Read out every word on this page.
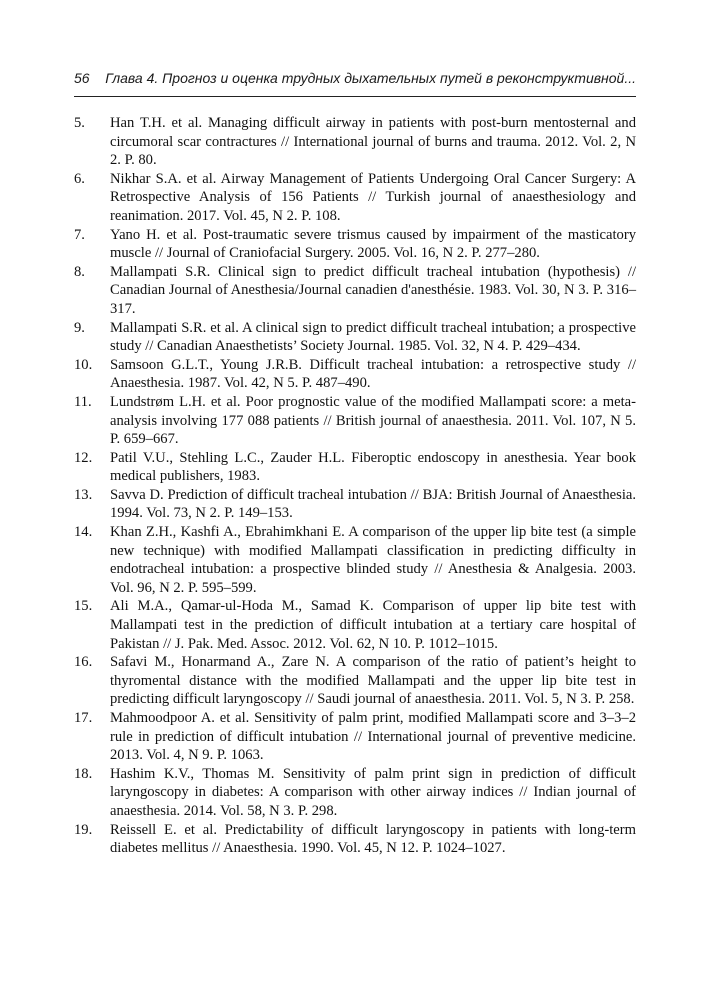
56 Глава 4. Прогноз и оценка трудных дыхательных путей в реконструктивной...
5.	Han T.H. et al. Managing difficult airway in patients with post-burn mentosternal and circumoral scar contractures // International journal of burns and trauma. 2012. Vol. 2, N 2. P. 80.
6.	Nikhar S.A. et al. Airway Management of Patients Undergoing Oral Cancer Surgery: A Retrospective Analysis of 156 Patients // Turkish journal of anaesthesiology and reanimation. 2017. Vol. 45, N 2. P. 108.
7.	Yano H. et al. Post-traumatic severe trismus caused by impairment of the masticatory muscle // Journal of Craniofacial Surgery. 2005. Vol. 16, N 2. P. 277–280.
8.	Mallampati S.R. Clinical sign to predict difficult tracheal intubation (hypothesis) // Canadian Journal of Anesthesia/Journal canadien d'anesthésie. 1983. Vol. 30, N 3. P. 316–317.
9.	Mallampati S.R. et al. A clinical sign to predict difficult tracheal intubation; a prospective study // Canadian Anaesthetists’ Society Journal. 1985. Vol. 32, N 4. P. 429–434.
10.	Samsoon G.L.T., Young J.R.B. Difficult tracheal intubation: a retrospective study // Anaesthesia. 1987. Vol. 42, N 5. P. 487–490.
11.	Lundstrøm L.H. et al. Poor prognostic value of the modified Mallampati score: a meta-analysis involving 177 088 patients // British journal of anaesthesia. 2011. Vol. 107, N 5. P. 659–667.
12.	Patil V.U., Stehling L.C., Zauder H.L. Fiberoptic endoscopy in anesthesia. Year book medical publishers, 1983.
13.	Savva D. Prediction of difficult tracheal intubation // BJA: British Journal of Anaesthesia. 1994. Vol. 73, N 2. P. 149–153.
14.	Khan Z.H., Kashfi A., Ebrahimkhani E. A comparison of the upper lip bite test (a simple new technique) with modified Mallampati classification in predicting difficulty in endotracheal intubation: a prospective blinded study // Anesthesia & Analgesia. 2003. Vol. 96, N 2. P. 595–599.
15.	Ali M.A., Qamar-ul-Hoda M., Samad K. Comparison of upper lip bite test with Mallampati test in the prediction of difficult intubation at a tertiary care hospital of Pakistan // J. Pak. Med. Assoc. 2012. Vol. 62, N 10. P. 1012–1015.
16.	Safavi M., Honarmand A., Zare N. A comparison of the ratio of patient’s height to thyromental distance with the modified Mallampati and the upper lip bite test in predicting difficult laryngoscopy // Saudi journal of anaesthesia. 2011. Vol. 5, N 3. P. 258.
17.	Mahmoodpoor A. et al. Sensitivity of palm print, modified Mallampati score and 3–3–2 rule in prediction of difficult intubation // International journal of preventive medicine. 2013. Vol. 4, N 9. P. 1063.
18.	Hashim K.V., Thomas M. Sensitivity of palm print sign in prediction of difficult laryngoscopy in diabetes: A comparison with other airway indices // Indian journal of anaesthesia. 2014. Vol. 58, N 3. P. 298.
19.	Reissell E. et al. Predictability of difficult laryngoscopy in patients with long-term diabetes mellitus // Anaesthesia. 1990. Vol. 45, N 12. P. 1024–1027.
